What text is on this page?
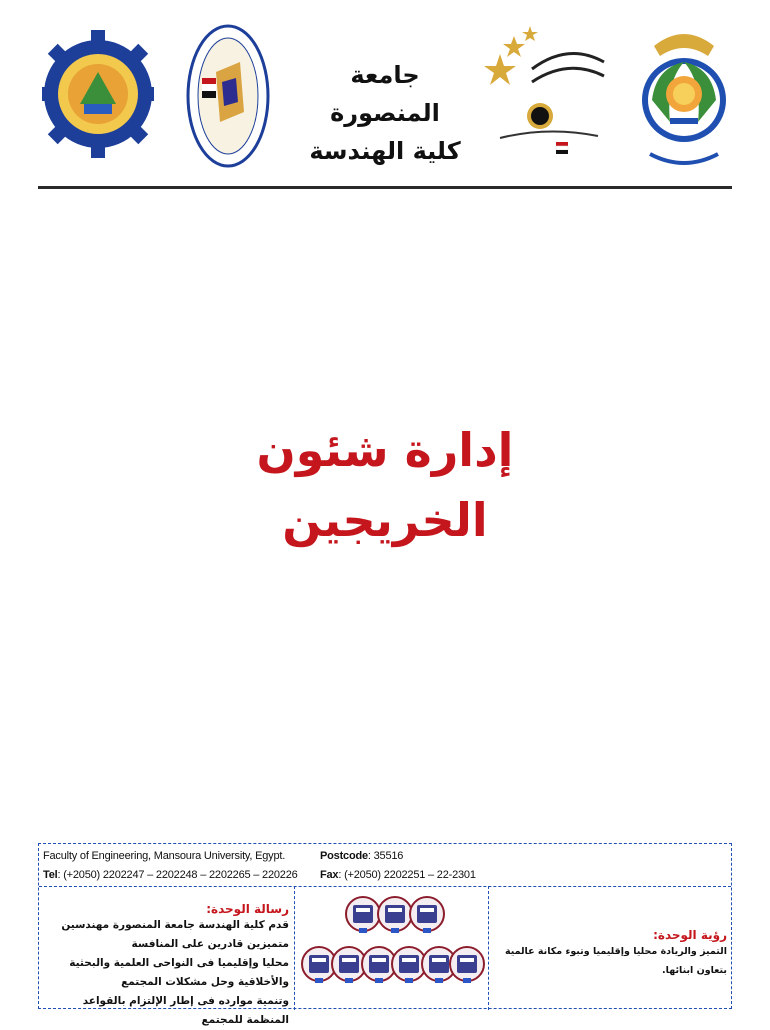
جامعة المنصورة
كلية الهندسة
إدارة شئون الخريجين
Faculty of Engineering, Mansoura University, Egypt.	Postcode: 35516
Tel: (+2050) 2202247 – 2202248 – 2202265 – 220226 Fax: (+2050) 2202251 – 22-2301
رسالة الوحدة:
قدم كلية الهندسة جامعة المنصورة مهندسين متميزين قادرين على المنافسة
محليا وإقليميا فى النواحى العلمية والبحثية والأخلاقية وحل مشكلات المجتمع
وتنمية موارده فى إطار الإلتزام بالقواعد المنظمة للمجتمع
رؤية الوحدة:
التميز والريادة محليا وإقليميا وتبوء مكانة عالمية بتعاون ابنائها.
